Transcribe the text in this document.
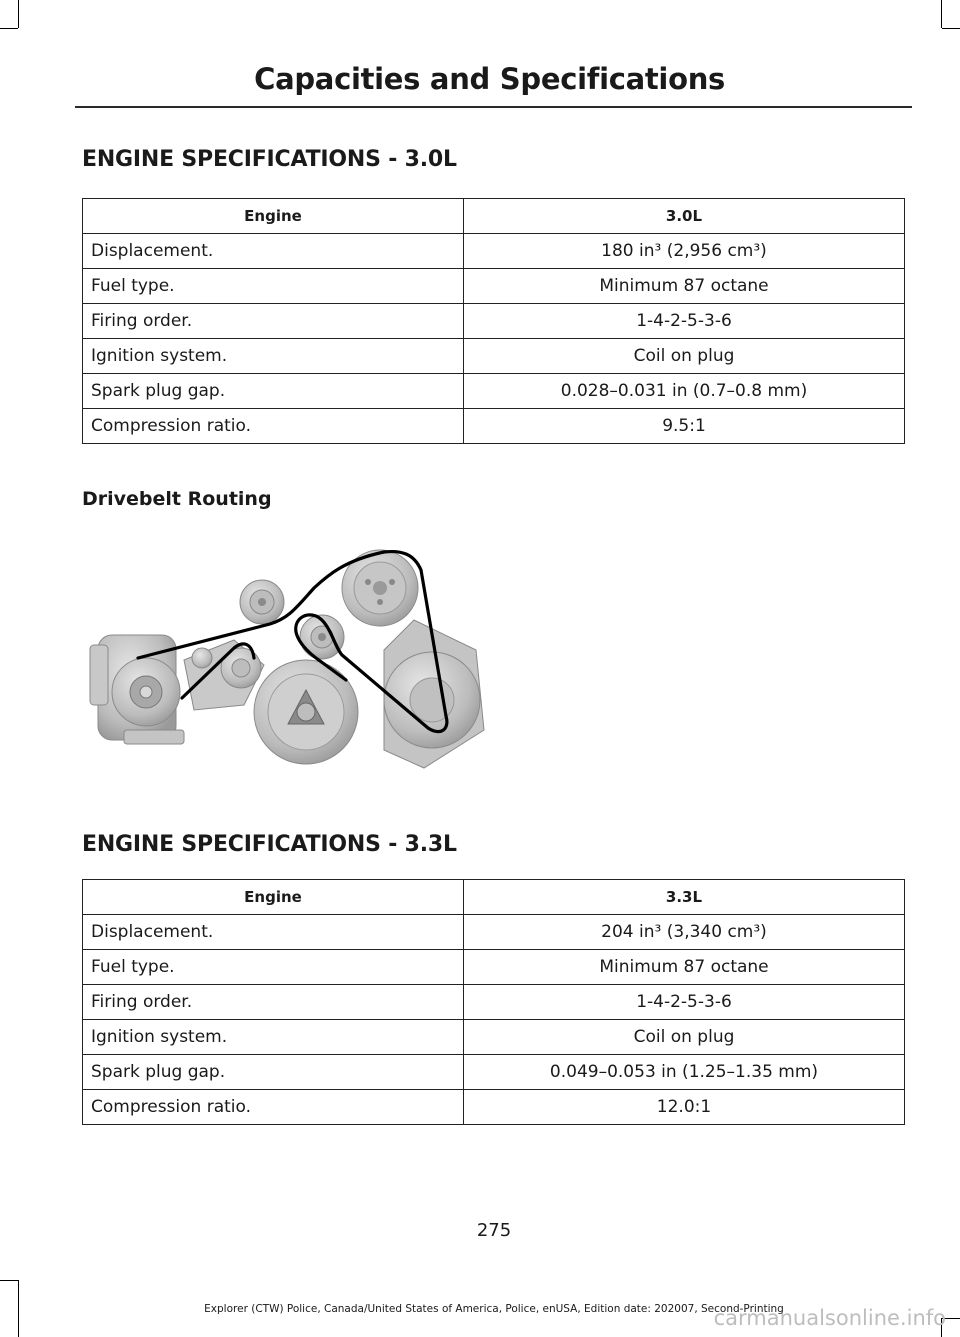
Capacities and Specifications
ENGINE SPECIFICATIONS - 3.0L
Engine	3.0L
Displacement.	180 in³ (2,956 cm³)
Fuel type.	Minimum 87 octane
Firing order.	1-4-2-5-3-6
Ignition system.	Coil on plug
Spark plug gap.	0.028–0.031 in (0.7–0.8 mm)
Compression ratio.	9.5:1
Drivebelt Routing
ENGINE SPECIFICATIONS - 3.3L
Engine	3.3L
Displacement.	204 in³ (3,340 cm³)
Fuel type.	Minimum 87 octane
Firing order.	1-4-2-5-3-6
Ignition system.	Coil on plug
Spark plug gap.	0.049–0.053 in (1.25–1.35 mm)
Compression ratio.	12.0:1
275
Explorer (CTW) Police, Canada/United States of America, Police, enUSA, Edition date: 202007, Second-Printing
carmanualsonline.info
